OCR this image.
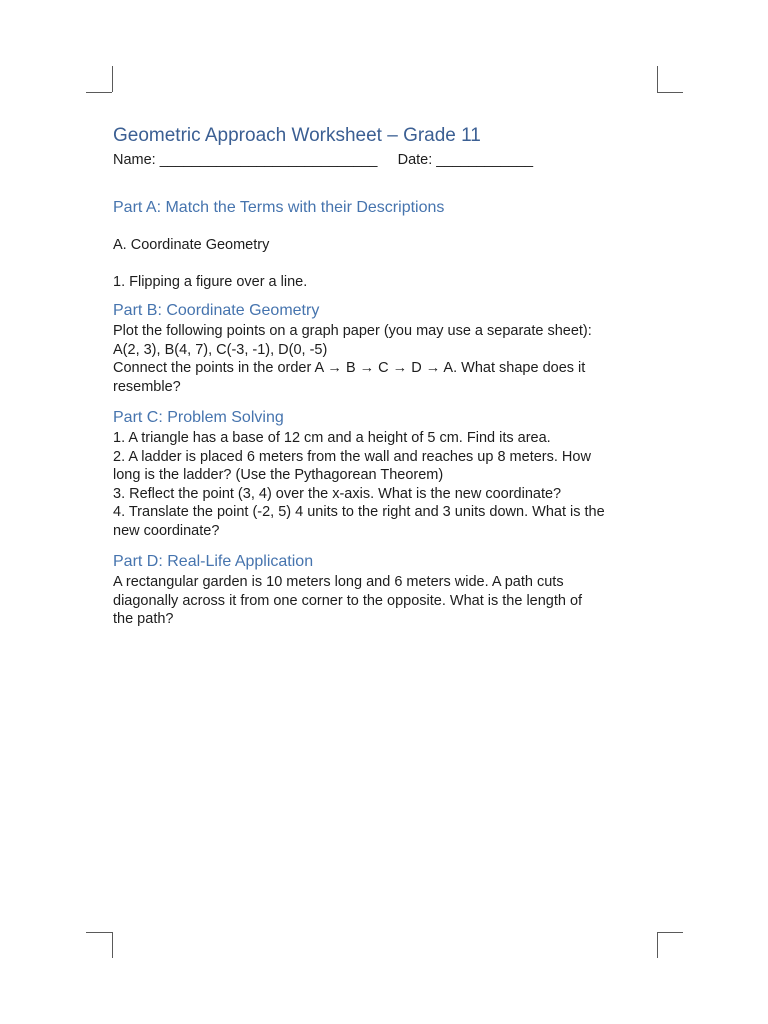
Geometric Approach Worksheet – Grade 11

Name: ___________________________     Date: ____________

Part A: Match the Terms with their Descriptions

A. Coordinate Geometry

1. Flipping a figure over a line.

Part B: Coordinate Geometry

Plot the following points on a graph paper (you may use a separate sheet):

A(2, 3), B(4, 7), C(-3, -1), D(0, -5)

Connect the points in the order A → B → C → D → A. What shape does it

resemble?

Part C: Problem Solving

1. A triangle has a base of 12 cm and a height of 5 cm. Find its area.

2. A ladder is placed 6 meters from the wall and reaches up 8 meters. How

long is the ladder? (Use the Pythagorean Theorem)

3. Reflect the point (3, 4) over the x-axis. What is the new coordinate?

4. Translate the point (-2, 5) 4 units to the right and 3 units down. What is the

new coordinate?

Part D: Real-Life Application

A rectangular garden is 10 meters long and 6 meters wide. A path cuts

diagonally across it from one corner to the opposite. What is the length of

the path?
